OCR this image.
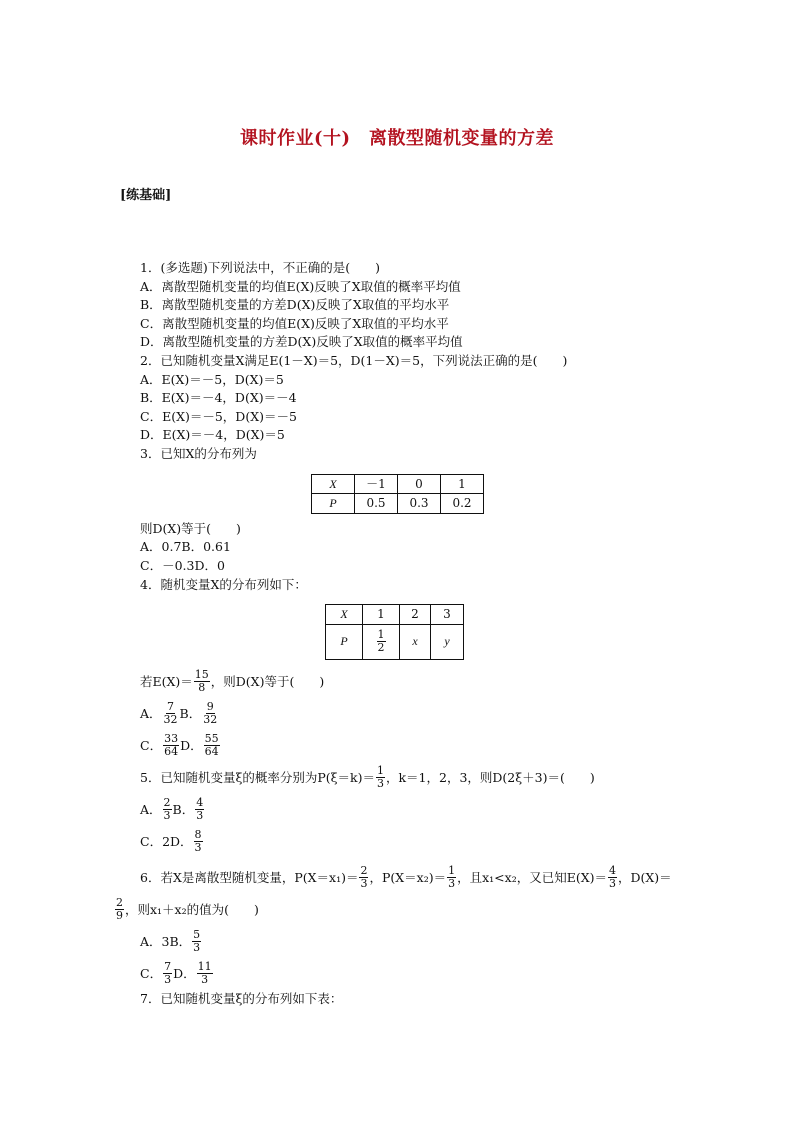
课时作业(十)　离散型随机变量的方差
[练基础]
1．(多选题)下列说法中，不正确的是(　　)
A．离散型随机变量的均值E(X)反映了X取值的概率平均值
B．离散型随机变量的方差D(X)反映了X取值的平均水平
C．离散型随机变量的均值E(X)反映了X取值的平均水平
D．离散型随机变量的方差D(X)反映了X取值的概率平均值
2．已知随机变量X满足E(1－X)＝5，D(1－X)＝5，下列说法正确的是(　　)
A．E(X)＝－5，D(X)＝5
B．E(X)＝－4，D(X)＝－4
C．E(X)＝－5，D(X)＝－5
D．E(X)＝－4，D(X)＝5
3．已知X的分布列为
X	－1	0	1
P	0.5	0.3	0.2
则D(X)等于(　　)
A．0.7B．0.61
C．－0.3D．0
4．随机变量X的分布列如下：
X	1	2	3
P	$\frac{1}{2}$	x	y
若$E(X)= \frac{15}{8}$ ，则D(X)等于(　　)
A． $\frac{7}{32}$ B． $\frac{9}{32}$
C． $\frac{33}{64}$ D． $\frac{55}{64}$
5．已知随机变量ξ的概率分别为$P(\xi=k)= \frac{1}{3}$ ，k＝1，2，3，则D(2ξ＋3)＝(　　)
A． $\frac{2}{3}$ B． $\frac{4}{3}$
C．2D． $\frac{8}{3}$
6．若X是离散型随机变量，$P(X=x_1)= \frac{2}{3}$ ，$P(X=x_2)= \frac{1}{3}$ ，且x₁<x₂，又已知$E(X)= \frac{4}{3}$ ，D(X)＝
$\frac{2}{9}$ ，则x₁＋x₂的值为(　　)
A．3B． $\frac{5}{3}$
C． $\frac{7}{3}$ D． $\frac{11}{3}$
7．已知随机变量ξ的分布列如下表：
